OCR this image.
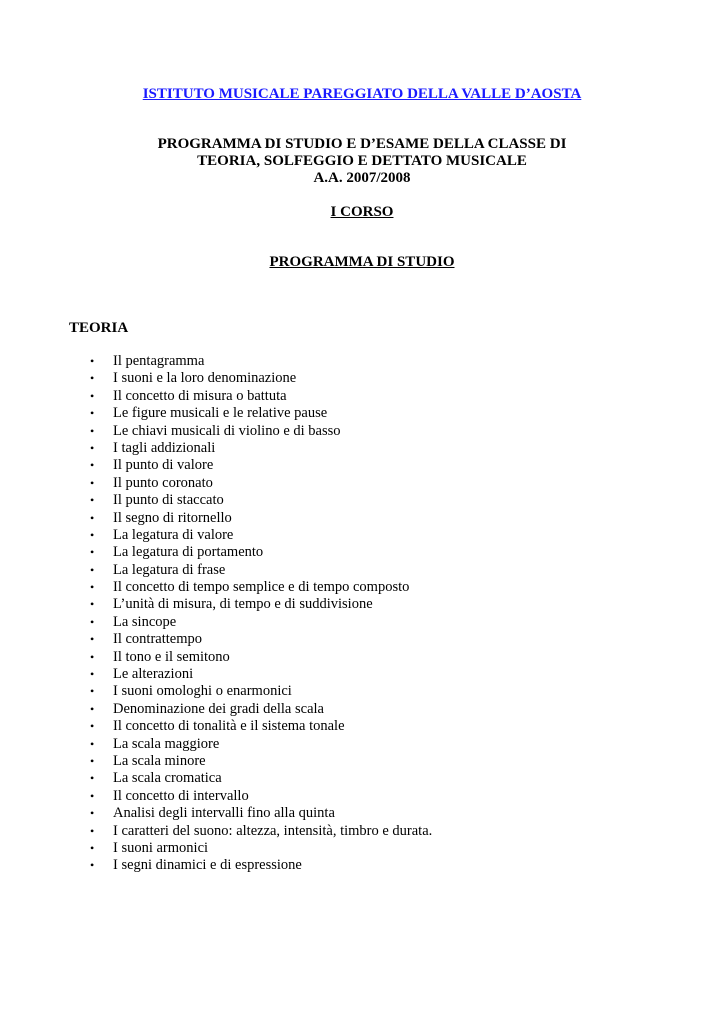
ISTITUTO MUSICALE PAREGGIATO DELLA VALLE D’AOSTA
PROGRAMMA DI STUDIO E D’ESAME DELLA CLASSE DI
TEORIA, SOLFEGGIO E DETTATO MUSICALE
A.A. 2007/2008
I CORSO
PROGRAMMA DI STUDIO
TEORIA
• Il pentagramma
• I suoni e la loro denominazione
• Il concetto di misura o battuta
• Le figure musicali e le relative pause
• Le chiavi musicali di violino e di basso
• I tagli addizionali
• Il punto di valore
• Il punto coronato
• Il punto di staccato
• Il segno di ritornello
• La legatura di valore
• La legatura di portamento
• La legatura di frase
• Il concetto di tempo semplice e di tempo composto
• L’unità di misura, di tempo e di suddivisione
• La sincope
• Il contrattempo
• Il tono e il semitono
• Le alterazioni
• I suoni omologhi o enarmonici
• Denominazione dei gradi della scala
• Il concetto di tonalità e il sistema tonale
• La scala maggiore
• La scala minore
• La scala cromatica
• Il concetto di intervallo
• Analisi degli intervalli fino alla quinta
• I caratteri del suono: altezza, intensità, timbro e durata.
• I suoni armonici
• I segni dinamici e di espressione
